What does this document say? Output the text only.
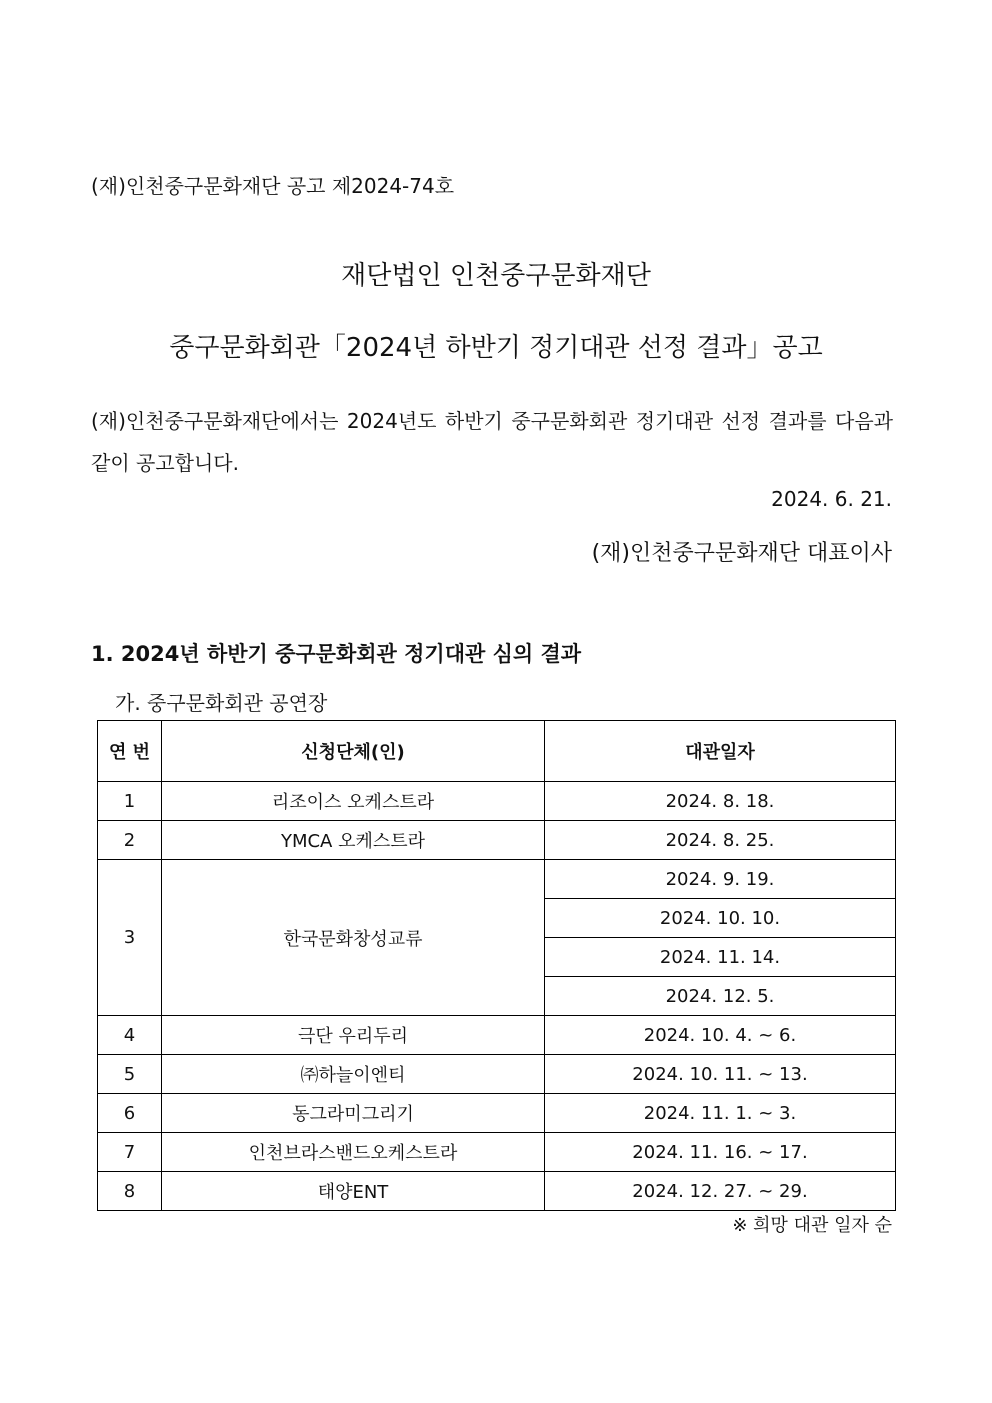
(재)인천중구문화재단 공고 제2024-74호
재단법인 인천중구문화재단
중구문화회관「2024년 하반기 정기대관 선정 결과」공고
(재)인천중구문화재단에서는 2024년도 하반기 중구문화회관 정기대관 선정 결과를 다음과 같이 공고합니다.
2024. 6. 21.
(재)인천중구문화재단 대표이사
1. 2024년 하반기 중구문화회관 정기대관 심의 결과
가. 중구문화회관 공연장
연 번	신청단체(인)	대관일자
1	리조이스 오케스트라	2024. 8. 18.
2	YMCA 오케스트라	2024. 8. 25.
3	한국문화창성교류	2024. 9. 19.
		2024. 10. 10.
		2024. 11. 14.
		2024. 12. 5.
4	극단 우리두리	2024. 10. 4. ~ 6.
5	㈜하늘이엔티	2024. 10. 11. ~ 13.
6	동그라미그리기	2024. 11. 1. ~ 3.
7	인천브라스밴드오케스트라	2024. 11. 16. ~ 17.
8	태양ENT	2024. 12. 27. ~ 29.
※ 희망 대관 일자 순
